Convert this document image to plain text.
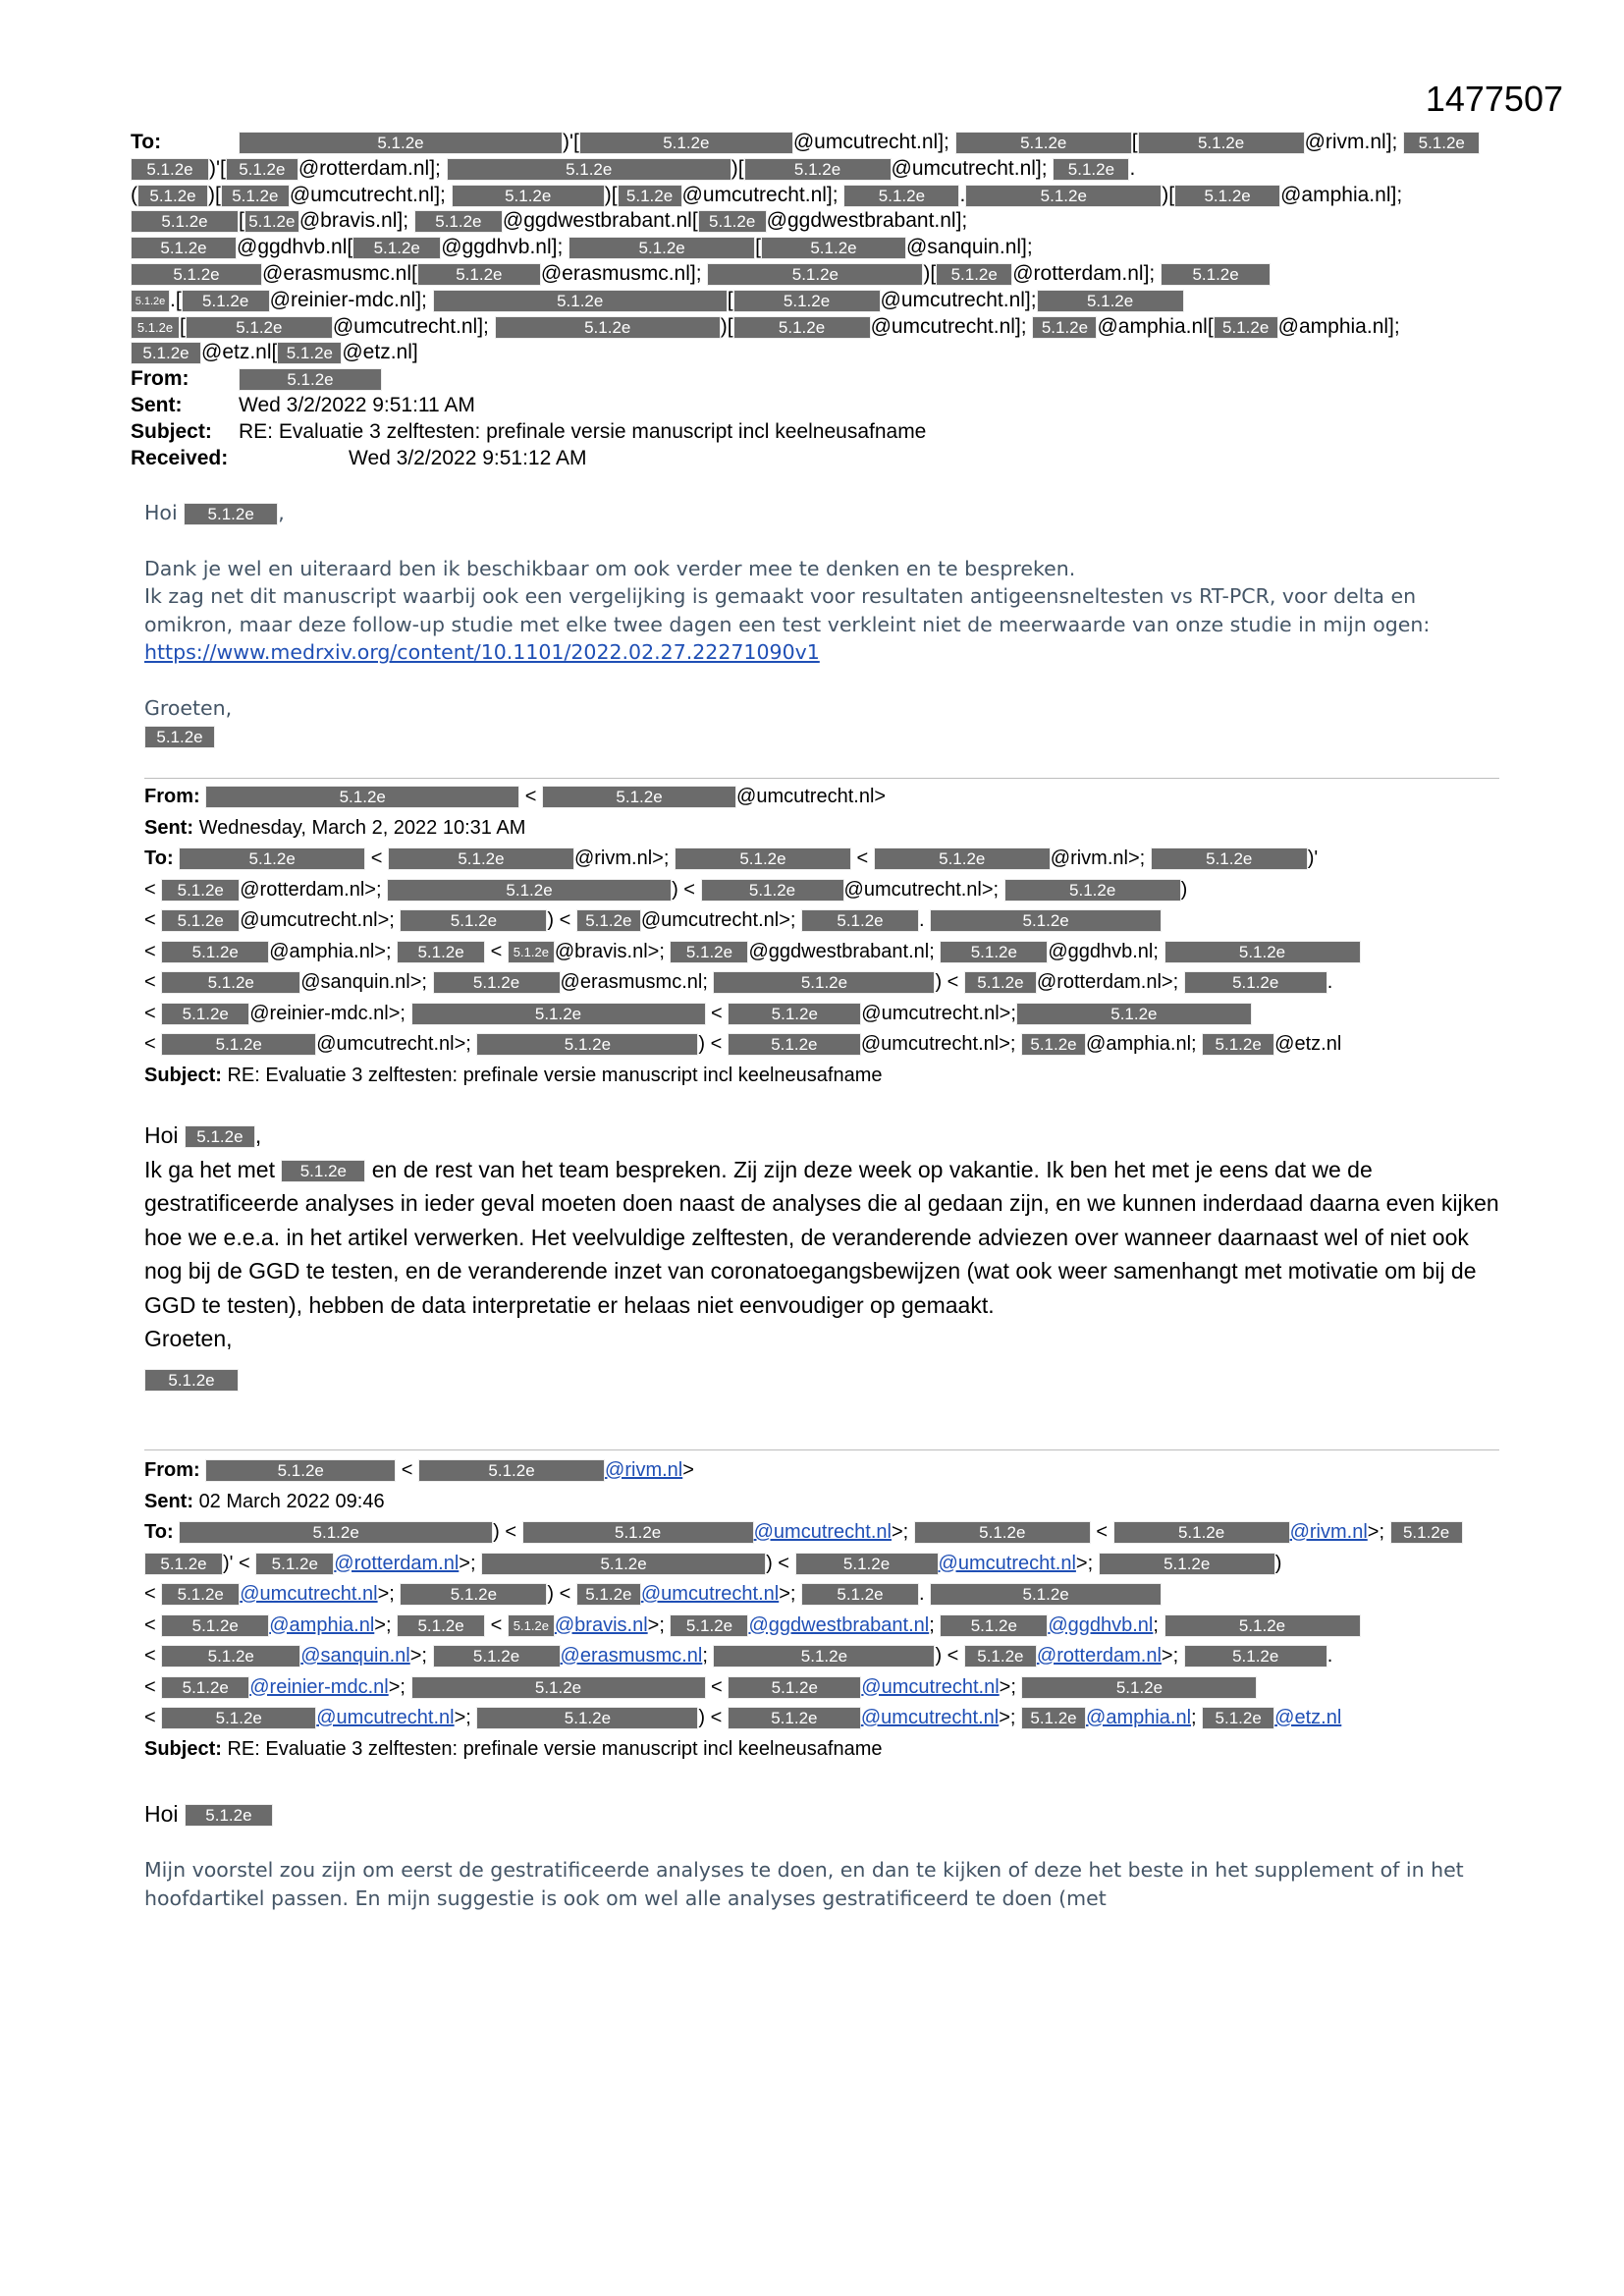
1477507
To:	5.1.2e	)'[	5.1.2e	@umcutrecht.nl];	5.1.2e	[	5.1.2e	@rivm.nl]; 5.1.2e
5.1.2e )'[ 5.1.2e @rotterdam.nl];	5.1.2e	)[	5.1.2e @umcutrecht.nl]; 5.1.2e .
( 5.1.2e )[ 5.1.2e @umcutrecht.nl];	5.1.2e	)[ 5.1.2e @umcutrecht.nl]; 5.1.2e .	5.1.2e	)[ 5.1.2e @amphia.nl];
5.1.2e [ 5.1.2e @bravis.nl]; 5.1.2e @ggdwestbrabant.nl[ 5.1.2e @ggdwestbrabant.nl];
5.1.2e @ggdhvb.nl[ 5.1.2e @ggdhvb.nl];	5.1.2e	[	5.1.2e @sanquin.nl];
5.1.2e @erasmusmc.nl[ 5.1.2e @erasmusmc.nl];	5.1.2e	)[ 5.1.2e @rotterdam.nl]; 5.1.2e
5.1.2e .[ 5.1.2e @reinier-mdc.nl];	5.1.2e	[	5.1.2e @umcutrecht.nl];	5.1.2e
5.1.2e [	5.1.2e @umcutrecht.nl];	5.1.2e	)[	5.1.2e @umcutrecht.nl]; 5.1.2e @amphia.nl[ 5.1.2e @amphia.nl];
5.1.2e @etz.nl[ 5.1.2e @etz.nl]
From:	5.1.2e
Sent:	Wed 3/2/2022 9:51:11 AM
Subject: RE: Evaluatie 3 zelftesten: prefinale versie manuscript incl keelneusafname
Received:	Wed 3/2/2022 9:51:12 AM
Hoi 5.1.2e ,
Dank je wel en uiteraard ben ik beschikbaar om ook verder mee te denken en te bespreken.
Ik zag net dit manuscript waarbij ook een vergelijking is gemaakt voor resultaten antigeensneltesten vs RT-PCR, voor delta en omikron, maar deze follow-up studie met elke twee dagen een test verkleint niet de meerwaarde van onze studie in mijn ogen: https://www.medrxiv.org/content/10.1101/2022.02.27.22271090v1
Groeten,
5.1.2e
From:	5.1.2e	<	5.1.2e	@umcutrecht.nl>
Sent: Wednesday, March 2, 2022 10:31 AM
To:	5.1.2e	<	5.1.2e	@rivm.nl>;	5.1.2e	<	5.1.2e	@rivm.nl>;	5.1.2e	)'
< 5.1.2e @rotterdam.nl>;	5.1.2e	) <	5.1.2e @umcutrecht.nl>;	5.1.2e	)
< 5.1.2e @umcutrecht.nl>;	5.1.2e	) < 5.1.2e @umcutrecht.nl>; 5.1.2e .	5.1.2e
< 5.1.2e @amphia.nl>; 5.1.2e < 5.1.2e @bravis.nl>; 5.1.2e @ggdwestbrabant.nl; 5.1.2e @ggdhvb.nl;	5.1.2e
<	5.1.2e @sanquin.nl>;	5.1.2e @erasmusmc.nl;	5.1.2e	) < 5.1.2e @rotterdam.nl>;	5.1.2e .
< 5.1.2e @reinier-mdc.nl>;	5.1.2e	<	5.1.2e @umcutrecht.nl>;	5.1.2e
<	5.1.2e	@umcutrecht.nl>;	5.1.2e	) <	5.1.2e @umcutrecht.nl>; 5.1.2e @amphia.nl; 5.1.2e @etz.nl
Subject: RE: Evaluatie 3 zelftesten: prefinale versie manuscript incl keelneusafname
Hoi 5.1.2e ,
Ik ga het met 5.1.2e en de rest van het team bespreken. Zij zijn deze week op vakantie. Ik ben het met je eens dat we de gestratificeerde analyses in ieder geval moeten doen naast de analyses die al gedaan zijn, en we kunnen inderdaad daarna even kijken hoe we e.e.a. in het artikel verwerken. Het veelvuldige zelftesten, de veranderende adviezen over wanneer daarnaast wel of niet ook nog bij de GGD te testen, en de veranderende inzet van coronatoegangsbewijzen (wat ook weer samenhangt met motivatie om bij de GGD te testen), hebben de data interpretatie er helaas niet eenvoudiger op gemaakt.
Groeten,
5.1.2e
From:	5.1.2e	<	5.1.2e	@rivm.nl>
Sent: 02 March 2022 09:46
To:	5.1.2e	) <	5.1.2e	@umcutrecht.nl>;	5.1.2e	<	5.1.2e	@rivm.nl>; 5.1.2e
5.1.2e )' < 5.1.2e @rotterdam.nl>;	5.1.2e	) <	5.1.2e @umcutrecht.nl>;	5.1.2e	)
< 5.1.2e @umcutrecht.nl>;	5.1.2e	) < 5.1.2e @umcutrecht.nl>; 5.1.2e .	5.1.2e
< 5.1.2e @amphia.nl>; 5.1.2e < 5.1.2e @bravis.nl>; 5.1.2e @ggdwestbrabant.nl; 5.1.2e @ggdhvb.nl;	5.1.2e
<	5.1.2e @sanquin.nl>; 5.1.2e @erasmusmc.nl;	5.1.2e	) < 5.1.2e @rotterdam.nl>;	5.1.2e .
< 5.1.2e @reinier-mdc.nl>;	5.1.2e	<	5.1.2e @umcutrecht.nl>;	5.1.2e
<	5.1.2e	@umcutrecht.nl>;	5.1.2e	) <	5.1.2e @umcutrecht.nl>; 5.1.2e @amphia.nl; 5.1.2e @etz.nl
Subject: RE: Evaluatie 3 zelftesten: prefinale versie manuscript incl keelneusafname
Hoi 5.1.2e
Mijn voorstel zou zijn om eerst de gestratificeerde analyses te doen, en dan te kijken of deze het beste in het supplement of in het hoofdartikel passen. En mijn suggestie is ook om wel alle analyses gestratificeerd te doen (met
